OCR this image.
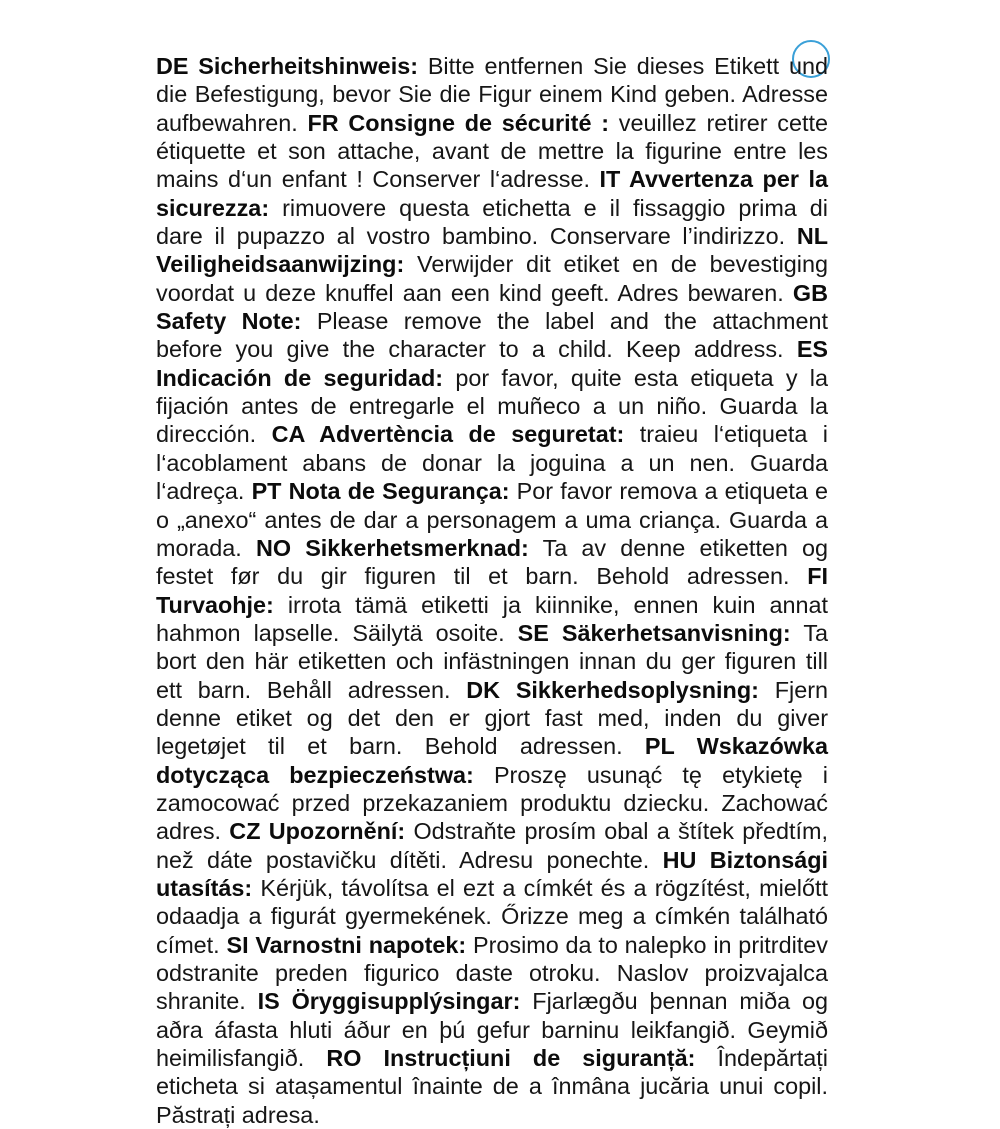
DE Sicherheitshinweis: Bitte entfernen Sie dieses Etikett und die Befestigung, bevor Sie die Figur einem Kind geben. Adresse aufbewahren. FR Consigne de sécurité : veuillez retirer cette étiquette et son attache, avant de mettre la figurine entre les mains d‘un enfant ! Conserver l‘adresse. IT Avvertenza per la sicurezza: rimuovere questa etichetta e il fissaggio prima di dare il pupazzo al vostro bambino. Conservare l’indirizzo. NL Veiligheidsaanwijzing: Verwijder dit etiket en de bevestiging voordat u deze knuffel aan een kind geeft. Adres bewaren. GB Safety Note: Please remove the label and the attachment before you give the character to a child. Keep address. ES Indicación de seguridad: por favor, quite esta etiqueta y la fijación antes de entregarle el muñeco a un niño. Guarda la dirección. CA Advertència de seguretat: traieu l‘etiqueta i l‘acoblament abans de donar la joguina a un nen. Guarda l‘adreça. PT Nota de Segurança: Por favor remova a etiqueta e o „anexo“ antes de dar a personagem a uma criança. Guarda a morada. NO Sikkerhetsmerknad: Ta av denne etiketten og festet før du gir figuren til et barn. Behold adressen. FI Turvaohje: irrota tämä etiketti ja kiinnike, ennen kuin annat hahmon lapselle. Säilytä osoite. SE Säkerhetsanvisning: Ta bort den här etiketten och infästningen innan du ger figuren till ett barn. Behåll adressen. DK Sikkerhedsoplysning: Fjern denne etiket og det den er gjort fast med, inden du giver legetøjet til et barn. Behold adressen. PL Wskazówka dotycząca bezpieczeństwa: Proszę usunąć tę etykietę i zamocować przed przekazaniem produktu dziecku. Zachować adres. CZ Upozornění: Odstraňte prosím obal a štítek předtím, než dáte postavičku dítěti. Adresu ponechte. HU Biztonsági utasítás: Kérjük, távolítsa el ezt a címkét és a rögzítést, mielőtt odaadja a figurát gyermekének. Őrizze meg a címkén található címet. SI Varnostni napotek: Prosimo da to nalepko in pritrditev odstranite preden figurico daste otroku. Naslov proizvajalca shranite. IS Öryggisupplýsingar: Fjarlægðu þennan miða og aðra áfasta hluti áður en þú gefur barninu leikfangið. Geymið heimilisfangið. RO Instrucțiuni de siguranță: Îndepărtați eticheta si atașamentul înainte de a înmâna jucăria unui copil. Păstrați adresa.
